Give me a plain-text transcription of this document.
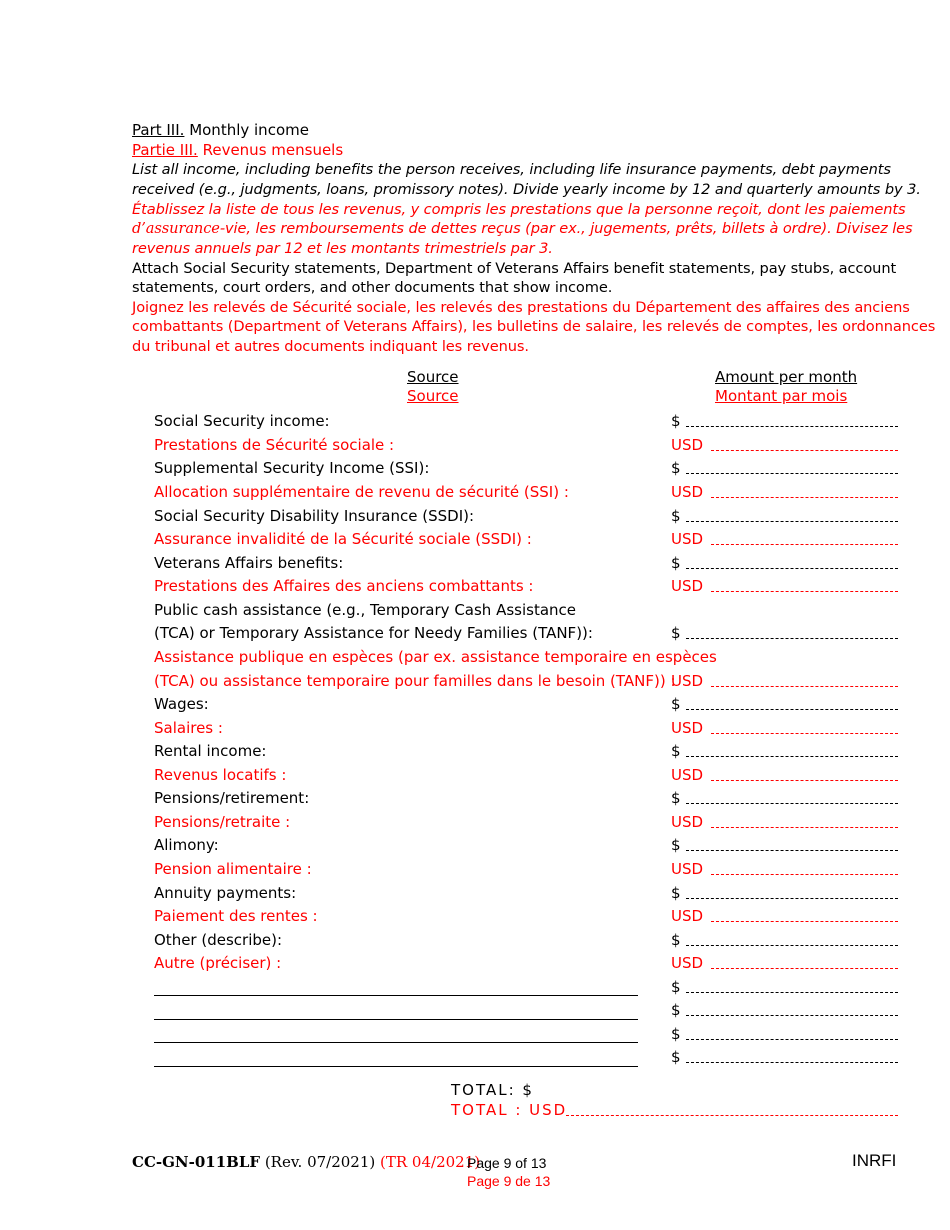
Part III. Monthly income
Partie III. Revenus mensuels
List all income, including benefits the person receives, including life insurance payments, debt payments
received (e.g., judgments, loans, promissory notes). Divide yearly income by 12 and quarterly amounts by 3.
Établissez la liste de tous les revenus, y compris les prestations que la personne reçoit, dont les paiements
d’assurance-vie, les remboursements de dettes reçus (par ex., jugements, prêts, billets à ordre). Divisez les
revenus annuels par 12 et les montants trimestriels par 3.
Attach Social Security statements, Department of Veterans Affairs benefit statements, pay stubs, account
statements, court orders, and other documents that show income.
Joignez les relevés de Sécurité sociale, les relevés des prestations du Département des affaires des anciens
combattants (Department of Veterans Affairs), les bulletins de salaire, les relevés de comptes, les ordonnances
du tribunal et autres documents indiquant les revenus.
Source
Source
Amount per month
Montant par mois
Social Security income:
Prestations de Sécurité sociale :
Supplemental Security Income (SSI):
Allocation supplémentaire de revenu de sécurité (SSI) :
Social Security Disability Insurance (SSDI):
Assurance invalidité de la Sécurité sociale (SSDI) :
Veterans Affairs benefits:
Prestations des Affaires des anciens combattants :
Public cash assistance (e.g., Temporary Cash Assistance
(TCA) or Temporary Assistance for Needy Families (TANF)):
Assistance publique en espèces (par ex. assistance temporaire en espèces
(TCA) ou assistance temporaire pour familles dans le besoin (TANF)) :
Wages:
Salaires :
Rental income:
Revenus locatifs :
Pensions/retirement:
Pensions/retraite :
Alimony:
Pension alimentaire :
Annuity payments:
Paiement des rentes :
Other (describe):
Autre (préciser) :
$
USD
$
USD
$
USD
$
USD
$
USD
$
USD
$
USD
$
USD
$
USD
$
USD
$
USD
$
$
$
$
TOTAL: $
TOTAL : USD
CC-GN-011BLF (Rev. 07/2021) (TR 04/2021)
Page 9 of 13
Page 9 de 13
INRFI
